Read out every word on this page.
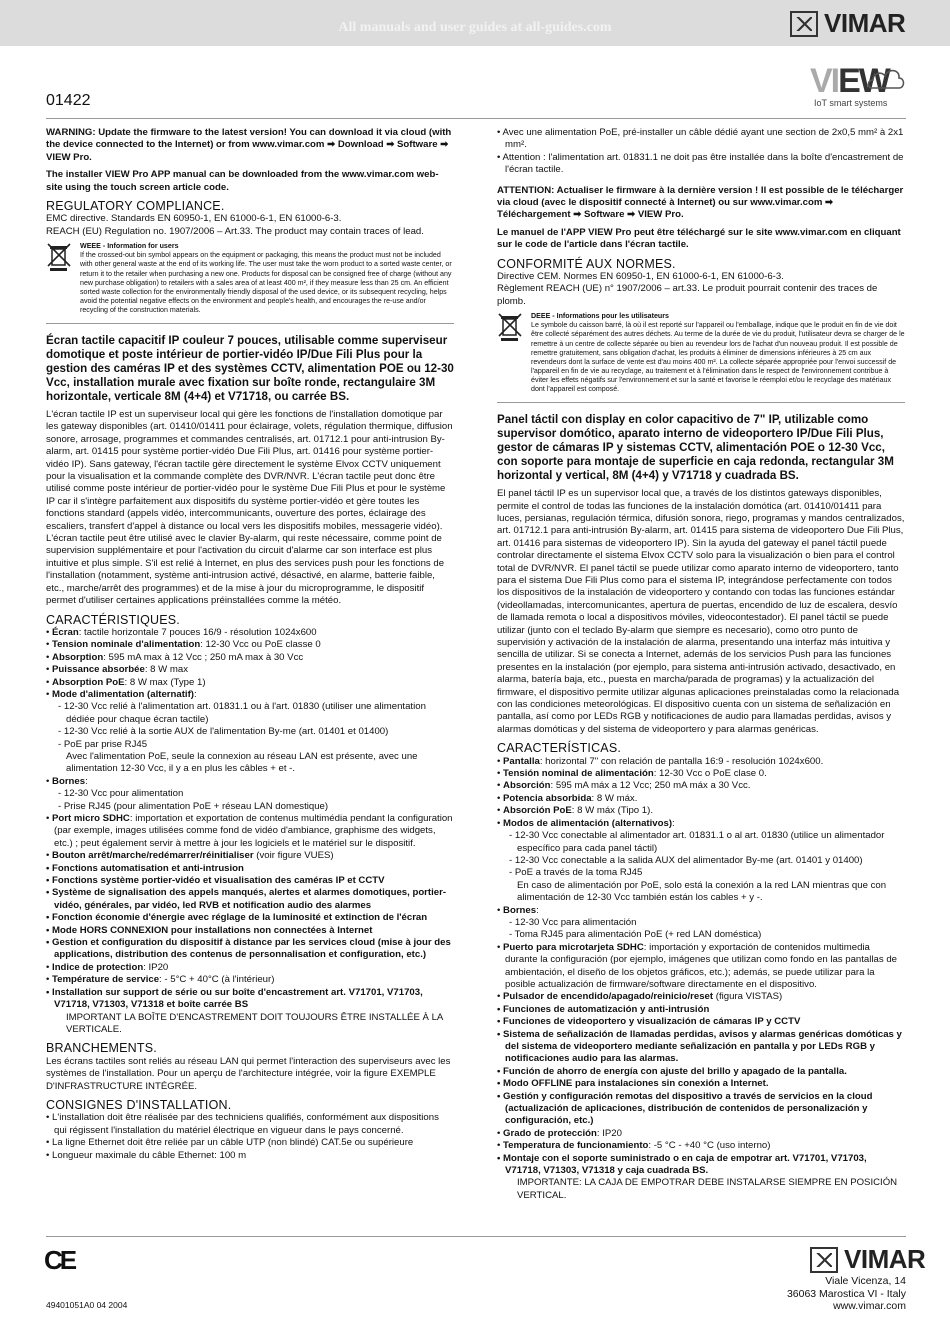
All manuals and user guides at all-guides.com	VIMAR
VIEW
IoT smart systems
01422

WARNING: Update the firmware to the latest version! You can download it via cloud (with the device connected to the Internet) or from www.vimar.com ➡ Download ➡ Software ➡ VIEW Pro.

The installer VIEW Pro APP manual can be downloaded from the www.vimar.com web-site using the touch screen article code.

REGULATORY COMPLIANCE.
EMC directive. Standards EN 60950-1, EN 61000-6-1, EN 61000-6-3.
REACH (EU) Regulation no. 1907/2006 – Art.33. The product may contain traces of lead.
WEEE - Information for users
If the crossed-out bin symbol appears on the equipment or packaging, this means the product must not be included with other general waste at the end of its working life. The user must take the worn product to a sorted waste center, or return it to the retailer when purchasing a new one. Products for disposal can be consigned free of charge (without any new purchase obligation) to retailers with a sales area of at least 400 m², if they measure less than 25 cm. An efficient sorted waste collection for the environmentally friendly disposal of the used device, or its subsequent recycling, helps avoid the potential negative effects on the environment and people's health, and encourages the re-use and/or recycling of the construction materials.
Écran tactile capacitif IP couleur 7 pouces, utilisable comme superviseur domotique et poste intérieur de portier-vidéo IP/Due Fili Plus pour la gestion des caméras IP et des systèmes CCTV, alimentation POE ou 12-30 Vcc, installation murale avec fixation sur boîte ronde, rectangulaire 3M horizontale, verticale 8M (4+4) et V71718, ou carrée BS.

L'écran tactile IP est un superviseur local qui gère les fonctions de l'installation domotique par les gateway disponibles (art. 01410/01411 pour éclairage, volets, régulation thermique, diffusion sonore, arrosage, programmes et commandes centralisés, art. 01712.1 pour anti-intrusion By-alarm, art. 01415 pour système portier-vidéo Due Fili Plus, art. 01416 pour système portier-vidéo IP). Sans gateway, l'écran tactile gère directement le système Elvox CCTV uniquement pour la visualisation et la commande complète des DVR/NVR. L'écran tactile peut donc être utilisé comme poste intérieur de portier-vidéo pour le système Due Fili Plus et pour le système IP car il s'intègre parfaitement aux dispositifs du système portier-vidéo et gère toutes les fonctions standard (appels vidéo, intercommunicants, ouverture des portes, éclairage des escaliers, transfert d'appel à distance ou local vers les dispositifs mobiles, messagerie vidéo). L'écran tactile peut être utilisé avec le clavier By-alarm, qui reste nécessaire, comme point de supervision supplémentaire et pour l'activation du circuit d'alarme car son interface est plus intuitive et plus simple. S'il est relié à Internet, en plus des services push pour les fonctions de l'installation (notamment, système anti-intrusion activé, désactivé, en alarme, batterie faible, etc., marche/arrêt des programmes) et de la mise à jour du microprogramme, le dispositif permet d'utiliser certaines applications préinstallées comme la météo.

CARACTÉRISTIQUES.
• Écran: tactile horizontale 7 pouces 16/9 - résolution 1024x600
• Tension nominale d'alimentation: 12-30 Vcc ou PoE classe 0
• Absorption: 595 mA max à 12 Vcc ; 250 mA max à 30 Vcc
• Puissance absorbée: 8 W max
• Absorption PoE: 8 W max (Type 1)
• Mode d'alimentation (alternatif):
- 12-30 Vcc relié à l'alimentation art. 01831.1 ou à l'art. 01830 (utiliser une alimentation dédiée pour chaque écran tactile)
- 12-30 Vcc relié à la sortie AUX de l'alimentation By-me (art. 01401 et 01400)
- PoE par prise RJ45
Avec l'alimentation PoE, seule la connexion au réseau LAN est présente, avec une alimentation 12-30 Vcc, il y a en plus les câbles + et -.
• Bornes:
- 12-30 Vcc pour alimentation
- Prise RJ45 (pour alimentation PoE + réseau LAN domestique)
• Port micro SDHC: importation et exportation de contenus multimédia pendant la configuration (par exemple, images utilisées comme fond de vidéo d'ambiance, graphisme des widgets, etc.) ; peut également servir à mettre à jour les logiciels et le matériel sur le dispositif.
• Bouton arrêt/marche/redémarrer/réinitialiser (voir figure VUES)
• Fonctions automatisation et anti-intrusion
• Fonctions système portier-vidéo et visualisation des caméras IP et CCTV
• Système de signalisation des appels manqués, alertes et alarmes domotiques, portier-vidéo, générales, par vidéo, led RVB et notification audio des alarmes
• Fonction économie d'énergie avec réglage de la luminosité et extinction de l'écran
• Mode HORS CONNEXION pour installations non connectées à Internet
• Gestion et configuration du dispositif à distance par les services cloud (mise à jour des applications, distribution des contenus de personnalisation et configuration, etc.)
• Indice de protection: IP20
• Température de service: - 5°C + 40°C (à l'intérieur)
• Installation sur support de série ou sur boîte d'encastrement art. V71701, V71703, V71718, V71303, V71318 et boîte carrée BS
IMPORTANT LA BOÎTE D'ENCASTREMENT DOIT TOUJOURS ÊTRE INSTALLÉE À LA VERTICALE.
BRANCHEMENTS.

Les écrans tactiles sont reliés au réseau LAN qui permet l'interaction des superviseurs avec les systèmes de l'installation. Pour un aperçu de l'architecture intégrée, voir la figure EXEMPLE D'INFRASTRUCTURE INTÉGRÉE.

CONSIGNES D'INSTALLATION.
• L'installation doit être réalisée par des techniciens qualifiés, conformément aux dispositions qui régissent l'installation du matériel électrique en vigueur dans le pays concerné.
• La ligne Ethernet doit être reliée par un câble UTP (non blindé) CAT.5e ou supérieure
• Longueur maximale du câble Ethernet: 100 m
• Avec une alimentation PoE, pré-installer un câble dédié ayant une section de 2x0,5 mm² à 2x1 mm².
• Attention : l'alimentation art. 01831.1 ne doit pas être installée dans la boîte d'encastrement de l'écran tactile.

ATTENTION: Actualiser le firmware à la dernière version ! Il est possible de le télécharger via cloud (avec le dispositif connecté à Internet) ou sur www.vimar.com ➡ Téléchargement ➡ Software ➡ VIEW Pro.

Le manuel de l'APP VIEW Pro peut être téléchargé sur le site www.vimar.com en cliquant sur le code de l'article dans l'écran tactile.

CONFORMITÉ AUX NORMES.
Directive CEM. Normes EN 60950-1, EN 61000-6-1, EN 61000-6-3.
Règlement REACH (UE) n° 1907/2006 – art.33. Le produit pourrait contenir des traces de plomb.
DEEE - Informations pour les utilisateurs
Le symbole du caisson barré, là où il est reporté sur l'appareil ou l'emballage, indique que le produit en fin de vie doit être collecté séparément des autres déchets. Au terme de la durée de vie du produit, l'utilisateur devra se charger de le remettre à un centre de collecte séparée ou bien au revendeur lors de l'achat d'un nouveau produit. Il est possible de remettre gratuitement, sans obligation d'achat, les produits à éliminer de dimensions inférieures à 25 cm aux revendeurs dont la surface de vente est d'au moins 400 m². La collecte séparée appropriée pour l'envoi successif de l'appareil en fin de vie au recyclage, au traitement et à l'élimination dans le respect de l'environnement contribue à éviter les effets négatifs sur l'environnement et sur la santé et favorise le réemploi et/ou le recyclage des matériaux dont l'appareil est composé.
Panel táctil con display en color capacitivo de 7" IP, utilizable como supervisor domótico, aparato interno de videoportero IP/Due Fili Plus, gestor de cámaras IP y sistemas CCTV, alimentación POE o 12-30 Vcc, con soporte para montaje de superficie en caja redonda, rectangular 3M horizontal y vertical, 8M (4+4) y V71718 y cuadrada BS.

El panel táctil IP es un supervisor local que, a través de los distintos gateways disponibles, permite el control de todas las funciones de la instalación domótica (art. 01410/01411 para luces, persianas, regulación térmica, difusión sonora, riego, programas y mandos centralizados, art. 01712.1 para anti-intrusión By-alarm, art. 01415 para sistema de videoportero Due Fili Plus, art. 01416 para sistemas de videoportero IP). Sin la ayuda del gateway el panel táctil puede controlar directamente el sistema Elvox CCTV solo para la visualización o bien para el control total de DVR/NVR. El panel táctil se puede utilizar como aparato interno de videoportero, tanto para el sistema Due Fili Plus como para el sistema IP, integrándose perfectamente con todos los dispositivos de la instalación de videoportero y contando con todas las funciones estándar (videollamadas, intercomunicantes, apertura de puertas, encendido de luz de escalera, desvío de llamada remota o local a dispositivos móviles, videocontestador). El panel táctil se puede utilizar (junto con el teclado By-alarm que siempre es necesario), como otro punto de supervisión y activación de la instalación de alarma, presentando una interfaz más intuitiva y sencilla de utilizar. Si se conecta a Internet, además de los servicios Push para las funciones presentes en la instalación (por ejemplo, para sistema anti-intrusión activado, desactivado, en alarma, batería baja, etc., puesta en marcha/parada de programas) y la actualización del firmware, el dispositivo permite utilizar algunas aplicaciones preinstaladas como la relacionada con las condiciones meteorológicas. El dispositivo cuenta con un sistema de señalización en pantalla, así como por LEDs RGB y notificaciones de audio para llamadas perdidas, avisos y alarmas domóticas y del sistema de videoportero y para alarmas genéricas.

CARACTERÍSTICAS.
• Pantalla: horizontal 7" con relación de pantalla 16:9 - resolución 1024x600.
• Tensión nominal de alimentación: 12-30 Vcc o PoE clase 0.
• Absorción: 595 mA máx a 12 Vcc; 250 mA máx a 30 Vcc.
• Potencia absorbida: 8 W máx.
• Absorción PoE: 8 W máx (Tipo 1).
• Modos de alimentación (alternativos):
- 12-30 Vcc conectable al alimentador art. 01831.1 o al art. 01830 (utilice un alimentador específico para cada panel táctil)
- 12-30 Vcc conectable a la salida AUX del alimentador By-me (art. 01401 y 01400)
- PoE a través de la toma RJ45
En caso de alimentación por PoE, solo está la conexión a la red LAN mientras que con alimentación de 12-30 Vcc también están los cables + y -.
• Bornes:
- 12-30 Vcc para alimentación
- Toma RJ45 para alimentación PoE (+ red LAN doméstica)
• Puerto para microtarjeta SDHC: importación y exportación de contenidos multimedia durante la configuración (por ejemplo, imágenes que utilizan como fondo en las pantallas de ambientación, el diseño de los objetos gráficos, etc.); además, se puede utilizar para la posible actualización de firmware/software directamente en el dispositivo.
• Pulsador de encendido/apagado/reinicio/reset (figura VISTAS)
• Funciones de automatización y anti-intrusión
• Funciones de videoportero y visualización de cámaras IP y CCTV
• Sistema de señalización de llamadas perdidas, avisos y alarmas genéricas domóticas y del sistema de videoportero mediante señalización en pantalla y por LEDs RGB y notificaciones audio para las alarmas.
• Función de ahorro de energía con ajuste del brillo y apagado de la pantalla.
• Modo OFFLINE para instalaciones sin conexión a Internet.
• Gestión y configuración remotas del dispositivo a través de servicios en la cloud (actualización de aplicaciones, distribución de contenidos de personalización y configuración, etc.)
• Grado de protección: IP20
• Temperatura de funcionamiento: -5 °C - +40 °C (uso interno)
• Montaje con el soporte suministrado o en caja de empotrar art. V71701, V71703, V71718, V71303, V71318 y caja cuadrada BS.
IMPORTANTE: LA CAJA DE EMPOTRAR DEBE INSTALARSE SIEMPRE EN POSICIÓN VERTICAL.
CE	VIMAR
Viale Vicenza, 14
36063 Marostica VI - Italy
www.vimar.com
49401051A0 04 2004
